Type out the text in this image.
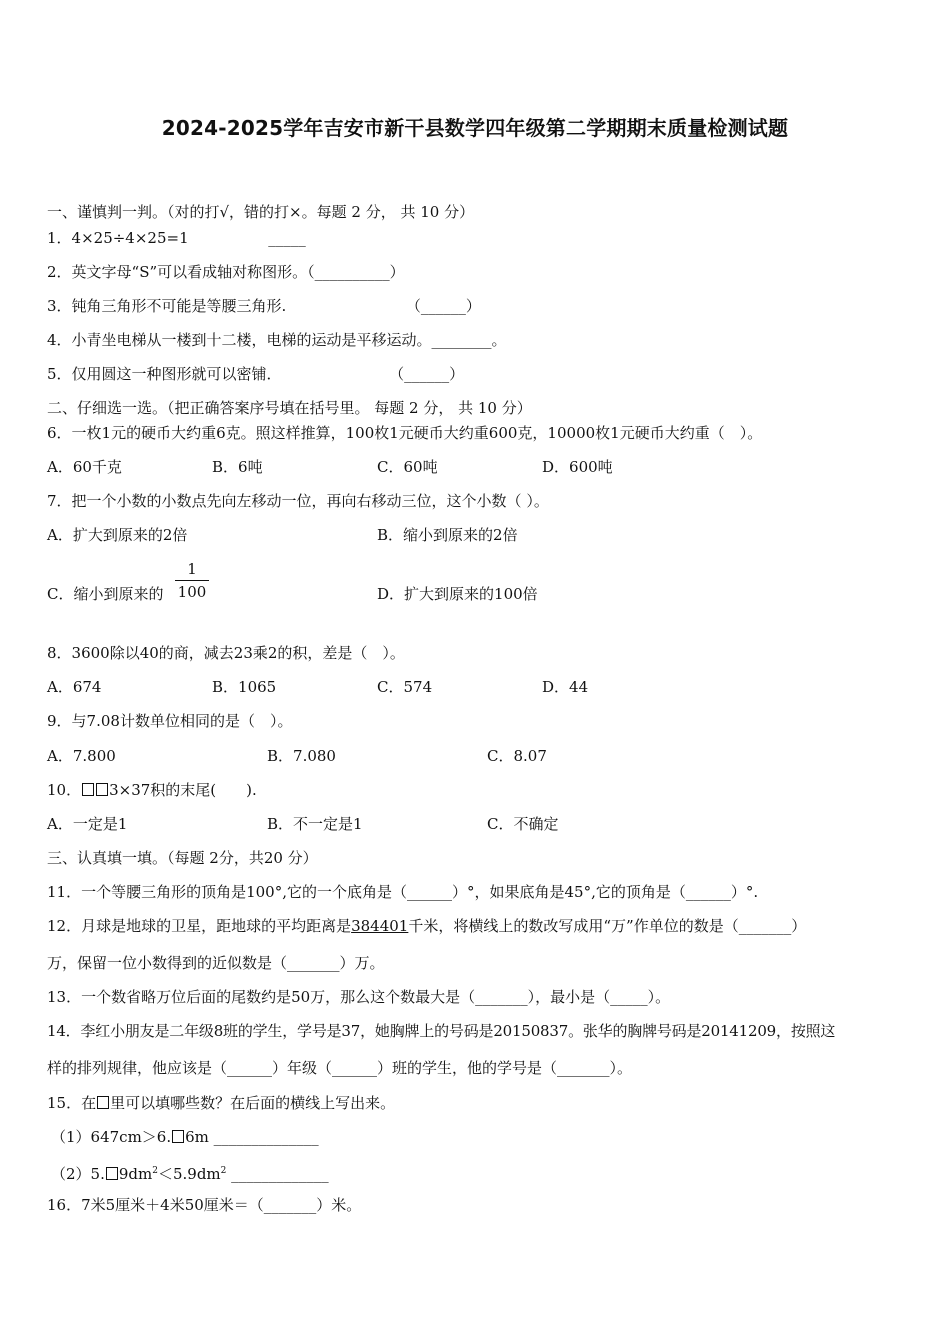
2024-2025学年吉安市新干县数学四年级第二学期期末质量检测试题
一、谨慎判一判。（对的打√，错的打×。每题 2 分， 共 10 分）
1．4×25÷4×25=1	_____
2．英文字母“S”可以看成轴对称图形。（__________）
3．钝角三角形不可能是等腰三角形.	（______）
4．小青坐电梯从一楼到十二楼，电梯的运动是平移运动。________。
5．仅用圆这一种图形就可以密铺．	（______）
二、仔细选一选。（把正确答案序号填在括号里。 每题 2 分， 共 10 分）
6．一枚1元的硬币大约重6克。照这样推算，100枚1元硬币大约重600克，10000枚1元硬币大约重（　）。
A．60千克	B．6吨	C．60吨	D．600吨
7．把一个小数的小数点先向左移动一位，再向右移动三位，这个小数（ ）。
A．扩大到原来的2倍	B．缩小到原来的2倍
C．缩小到原来的
1
100	D．扩大到原来的100倍
8．3600除以40的商，减去23乘2的积，差是（　）。
A．674	B．1065	C．574	D．44
9．与7.08计数单位相同的是（　）。
A．7.800	B．7.080	C．8.07
10． 3×37积的末尾(　　).
A．一定是1	B．不一定是1	C．不确定
三、认真填一填。（每题 2分，共20 分）
11．一个等腰三角形的顶角是100°,它的一个底角是（______）°，如果底角是45°,它的顶角是（______）°.
12．月球是地球的卫星，距地球的平均距离是384401千米，将横线上的数改写成用“万”作单位的数是（_______）
万，保留一位小数得到的近似数是（_______）万。
13．一个数省略万位后面的尾数约是50万，那么这个数最大是（_______），最小是（_____）。
14．李红小朋友是二年级8班的学生，学号是37，她胸牌上的号码是20150837。张华的胸牌号码是20141209，按照这
样的排列规律，他应该是（______）年级（______）班的学生，他的学号是（_______）。
15．在 里可以填哪些数？在后面的横线上写出来。
（1）647cm＞6. 6m ______________
（2）5. $9dm^2<5.9dm^2$ _____________
16．7米5厘米＋4米50厘米＝（_______）米。
